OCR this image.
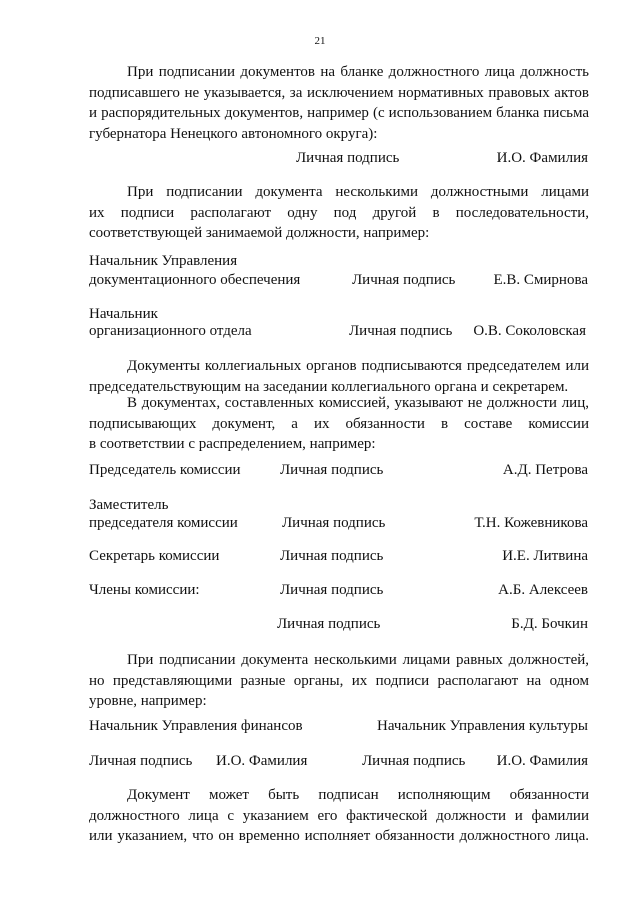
21
При подписании документов на бланке должностного лица должность
подписавшего не указывается, за исключением нормативных правовых актов
и распорядительных документов, например (с использованием бланка письма
губернатора Ненецкого автономного округа):
Личная подпись	И.О. Фамилия
При подписании документа несколькими должностными лицами
их подписи располагают одну под другой в последовательности,
соответствующей занимаемой должности, например:
Начальник Управления
документационного обеспечения	Личная подпись	Е.В. Смирнова
Начальник
организационного отдела	Личная подпись	О.В. Соколовская
Документы коллегиальных органов подписываются председателем или
председательствующим на заседании коллегиального органа и секретарем.
В документах, составленных комиссией, указывают не должности лиц,
подписывающих документ, а их обязанности в составе комиссии
в соответствии с распределением, например:
Председатель комиссии	Личная подпись	А.Д. Петрова
Заместитель
председателя комиссии	Личная подпись	Т.Н. Кожевникова
Секретарь комиссии	Личная подпись	И.Е. Литвина
Члены комиссии:	Личная подпись	А.Б. Алексеев
Личная подпись	Б.Д. Бочкин
При подписании документа несколькими лицами равных должностей,
но представляющими разные органы, их подписи располагают на одном
уровне, например:
Начальник Управления финансов	Начальник Управления культуры
Личная подпись И.О. Фамилия	Личная подпись	И.О. Фамилия
Документ может быть подписан исполняющим обязанности
должностного лица с указанием его фактической должности и фамилии
или указанием, что он временно исполняет обязанности должностного лица.
